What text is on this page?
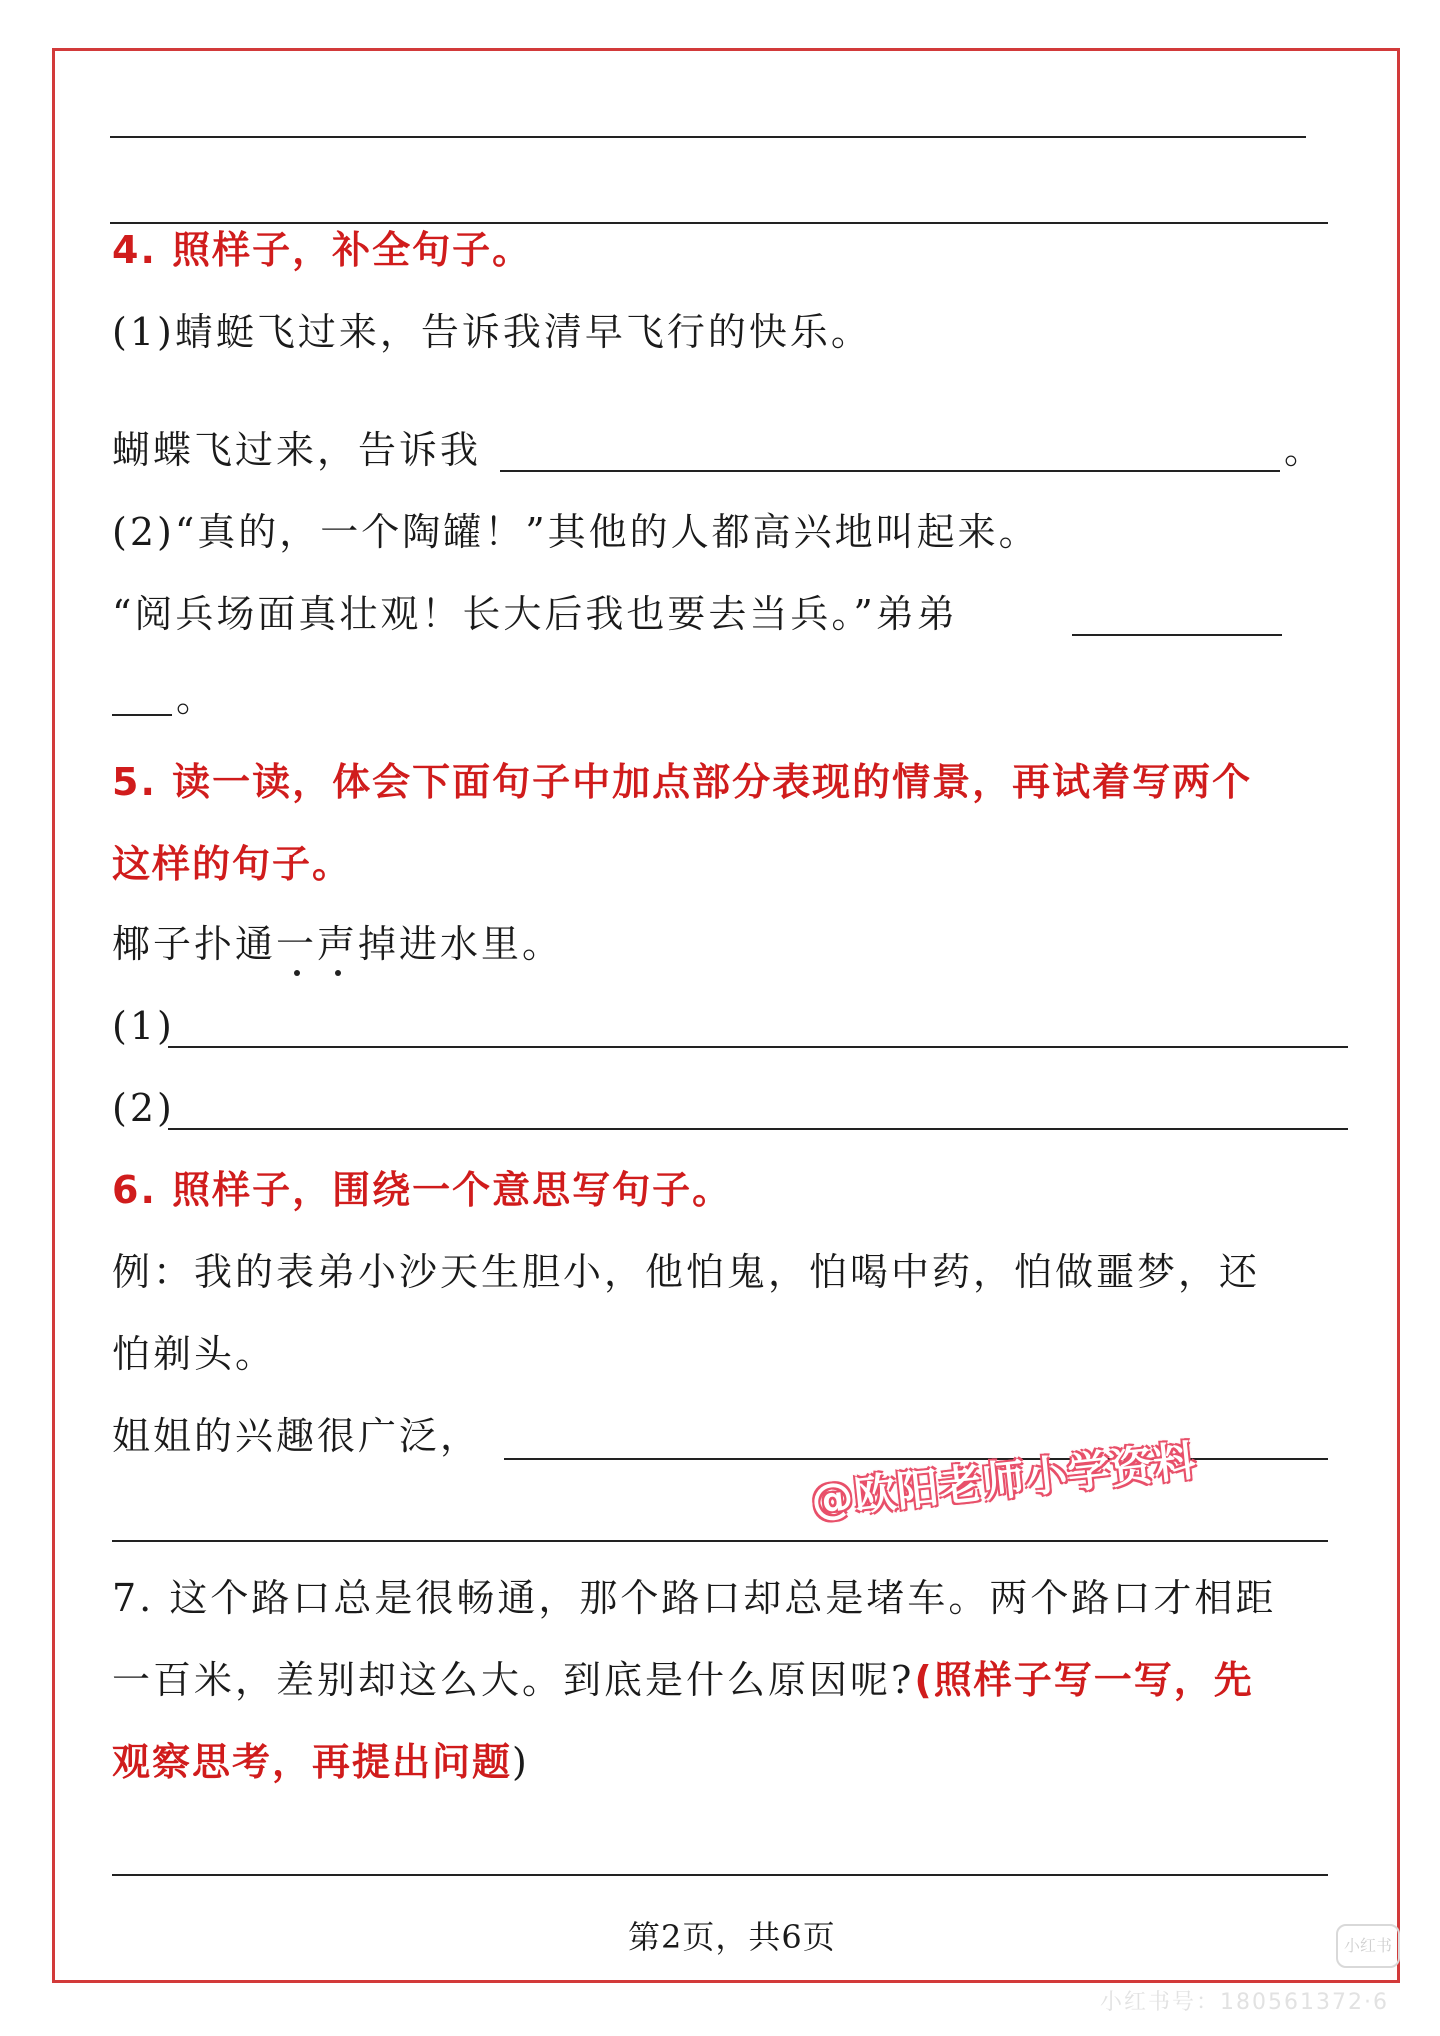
4. 照样子，补全句子。
(1)蜻蜓飞过来，告诉我清早飞行的快乐。
蝴蝶飞过来，告诉我	。
(2)“真的，一个陶罐！”其他的人都高兴地叫起来。
“阅兵场面真壮观！长大后我也要去当兵。”弟弟
。
5. 读一读，体会下面句子中加点部分表现的情景，再试着写两个
这样的句子。
椰子扑通一声掉进水里。
(1)
(2)
6. 照样子，围绕一个意思写句子。
例：我的表弟小沙天生胆小，他怕鬼，怕喝中药，怕做噩梦，还
怕剃头。
姐姐的兴趣很广泛，
7. 这个路口总是很畅通，那个路口却总是堵车。两个路口才相距
一百米，差别却这么大。到底是什么原因呢?(照样子写一写，先
观察思考，再提出问题)
第2页，共6页
@欧阳老师小学资料
小红书
小红书号：180561372·6
